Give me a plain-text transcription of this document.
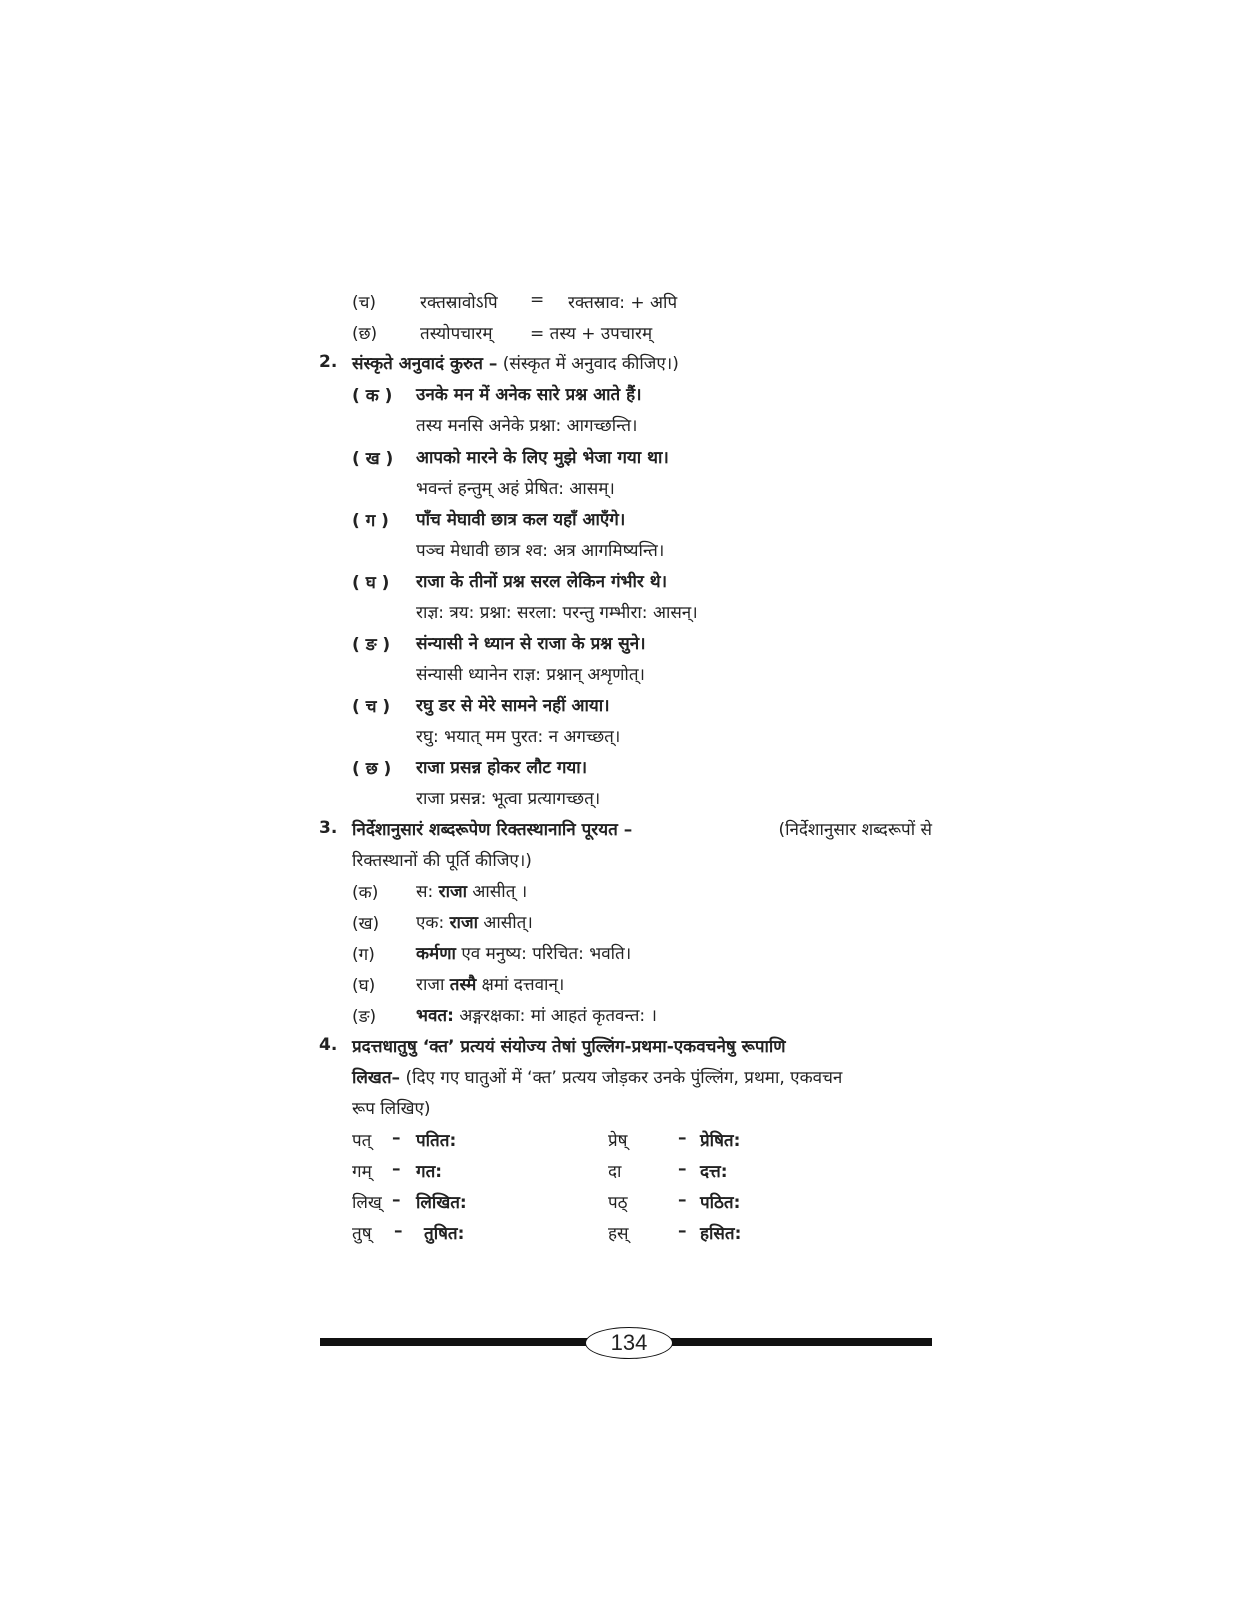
(च)	रक्तस्रावोऽपि = रक्तस्राव: + अपि
(छ)	तस्योपचारम् = तस्य + उपचारम्
2. संस्कृते अनुवादं कुरुत – (संस्कृत में अनुवाद कीजिए।)
( क ) उनके मन में अनेक सारे प्रश्न आते हैं।
तस्य मनसि अनेके प्रश्ना: आगच्छन्ति।
( ख ) आपको मारने के लिए मुझे भेजा गया था।
भवन्तं हन्तुम् अहं प्रेषित: आसम्।
( ग ) पाँच मेघावी छात्र कल यहाँ आएँगे।
पञ्च मेधावी छात्र श्व: अत्र आगमिष्यन्ति।
( घ ) राजा के तीनों प्रश्न सरल लेकिन गंभीर थे।
राज्ञ: त्रय: प्रश्ना: सरला: परन्तु गम्भीरा: आसन्।
( ङ ) संन्यासी ने ध्यान से राजा के प्रश्न सुने।
संन्यासी ध्यानेन राज्ञ: प्रश्नान् अशृणोत्।
( च ) रघु डर से मेरे सामने नहीं आया।
रघु: भयात् मम पुरत: न अगच्छत्।
( छ ) राजा प्रसन्न होकर लौट गया।
राजा प्रसन्न: भूत्वा प्रत्यागच्छत्।
3. निर्देशानुसारं शब्दरूपेण रिक्तस्थानानि पूरयत –	(निर्देशानुसार शब्दरूपों से
रिक्तस्थानों की पूर्ति कीजिए।)
(क) स: राजा आसीत् ।
(ख) एक: राजा आसीत्।
(ग) कर्मणा एव मनुष्य: परिचित: भवति।
(घ) राजा तस्मै क्षमां दत्तवान्।
(ङ) भवत: अङ्गरक्षका: मां आहतं कृतवन्त: ।
4. प्रदत्तधातुषु ‘क्त’ प्रत्ययं संयोज्य तेषां पुल्लिंग-प्रथमा-एकवचनेषु रूपाणि
लिखत– (दिए गए घातुओं में ‘क्त’ प्रत्यय जोड़कर उनके पुंल्लिंग, प्रथमा, एकवचन
रूप लिखिए)
पत् – पतित:	प्रेष्	– प्रेषित:
गम् – गत:	दा	– दत्त:
लिख् – लिखित:	पठ्	– पठित:
तुष् – तुषित:	हस्	– हसित:
134
